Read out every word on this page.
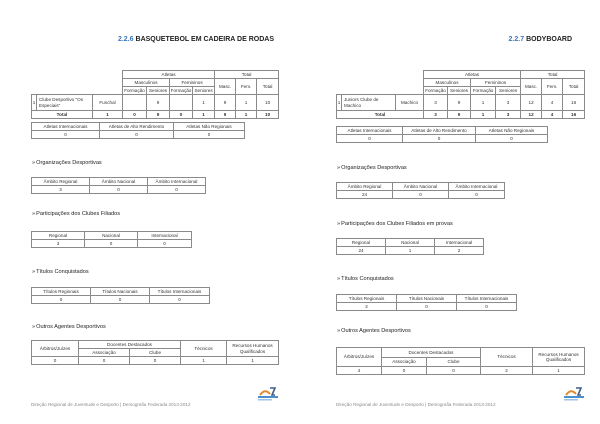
2.2.6 BASQUETEBOL EM CADEIRA DE RODAS
			Atletas				Total		
			Masculinos		Femininos		Masc.	Fem.	Total
			Formação	Seniores	Formação	Seniores			
1	Clube Desportivo "Os Especiais"	Funchal		9		1	9	1	10
Total		1	0	9	0	1	9	1	10
Atletas Internacionais	Atletas de Alto Rendimento	Atletas Não Regionais
0	0	0
» Organizações Desportivas
Âmbito Regional	Âmbito Nacional	Âmbito Internacional
3	0	0
» Participações dos Clubes Filiados
Regional	Nacional	Internacional
3	0	0
» Títulos Conquistados
Títulos Regionais	Títulos Nacionais	Títulos Internacionais
0	0	0
» Outros Agentes Desportivos
Árbitros/Juízes	Docentes Destacados		Técnicos	Recursos Humanos Qualificados
	Associação	Clube		
0	0	0	1	1
Direção Regional de Juventude e Desporto | Demografia Federada 2013-2012
2.2.7 BODYBOARD
			Atletas				Total		
			Masculinos		Femininos		Masc.	Fem.	Total
			Formação	Seniores	Formação	Seniores			
1	Juniors Clube de Machico	Machico	3	9	1	3	12	4	16
Total			3	9	1	3	12	4	16
Atletas Internacionais	Atletas de Alto Rendimento	Atletas Não Regionais
0	0	0
» Organizações Desportivas
Âmbito Regional	Âmbito Nacional	Âmbito Internacional
24	0	0
» Participações dos Clubes Filiados em provas
Regional	Nacional	Internacional
24	1	2
» Títulos Conquistados
Títulos Regionais	Títulos Nacionais	Títulos Internacionais
2	0	0
» Outros Agentes Desportivos
Árbitros/Juízes	Docentes Destacados		Técnicos	Recursos Humanos Qualificados
	Associação	Clube		
4	0	0	2	1
Direção Regional de Juventude e Desporto | Demografia Federada 2013-2012
